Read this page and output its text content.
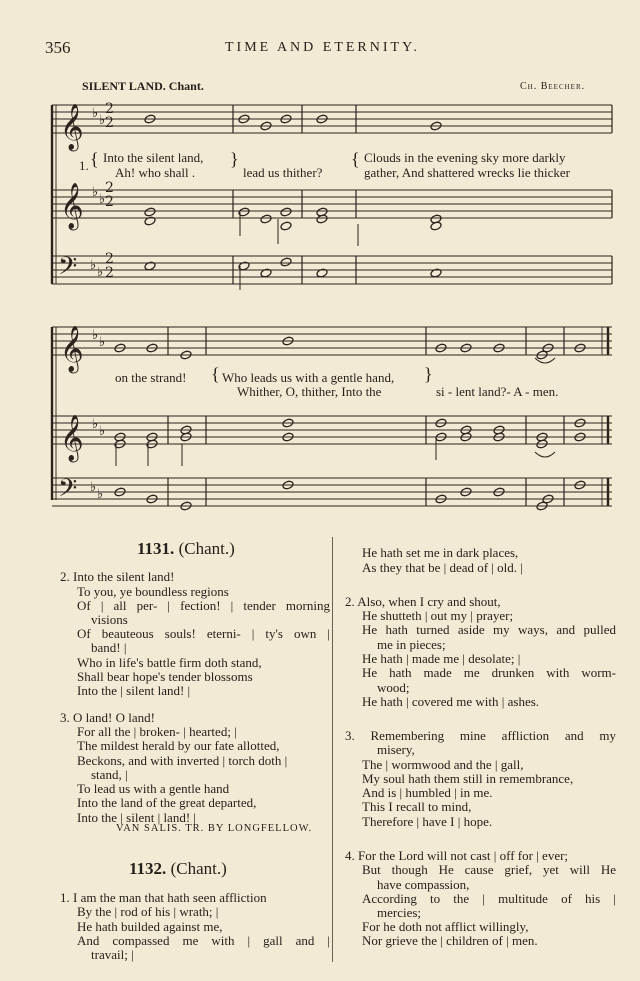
356	TIME AND ETERNITY.
SILENT LAND. Chant.	Ch. Beecher.
𝄞
𝄞
𝄢
♭ ♭
♭ ♭
♭ ♭
2
2
2
2
2
2
𝄞
𝄞
𝄢
♭ ♭
♭ ♭
♭ ♭
1. { Into the silent land,
Ah! who shall .
}
lead us thither?
{ Clouds in the evening sky more darkly
gather, And shattered wrecks lie thicker
on the strand! { Who leads us with a gentle hand,
Whither, O, thither, Into the
}
si - lent land?- A - men.
1131. (Chant.)
2. Into the silent land!
To you, ye boundless regions
Of | all per- | fection! | tender morning
visions
Of beauteous souls! eterni- | ty's own |
band! |
Who in life's battle firm doth stand,
Shall bear hope's tender blossoms
Into the | silent land! |
3. O land! O land!
For all the | broken- | hearted; |
The mildest herald by our fate allotted,
Beckons, and with inverted | torch doth |
stand, |
To lead us with a gentle hand
Into the land of the great departed,
Into the | silent | land! |
VAN SALIS. TR. BY LONGFELLOW.
1132. (Chant.)
1. I am the man that hath seen affliction
By the | rod of his | wrath; |
He hath builded against me,
And compassed me with | gall and |
travail; |
He hath set me in dark places,
As they that be | dead of | old. |
2. Also, when I cry and shout,
He shutteth | out my | prayer;
He hath turned aside my ways, and pulled
me in pieces;
He hath | made me | desolate; |
He hath made me drunken with worm-
wood;
He hath | covered me with | ashes.
3. Remembering mine affliction and my
misery,
The | wormwood and the | gall,
My soul hath them still in remembrance,
And is | humbled | in me.
This I recall to mind,
Therefore | have I | hope.
4. For the Lord will not cast | off for | ever;
But though He cause grief, yet will He
have compassion,
According to the | multitude of his |
mercies;
For he doth not afflict willingly,
Nor grieve the | children of | men.
